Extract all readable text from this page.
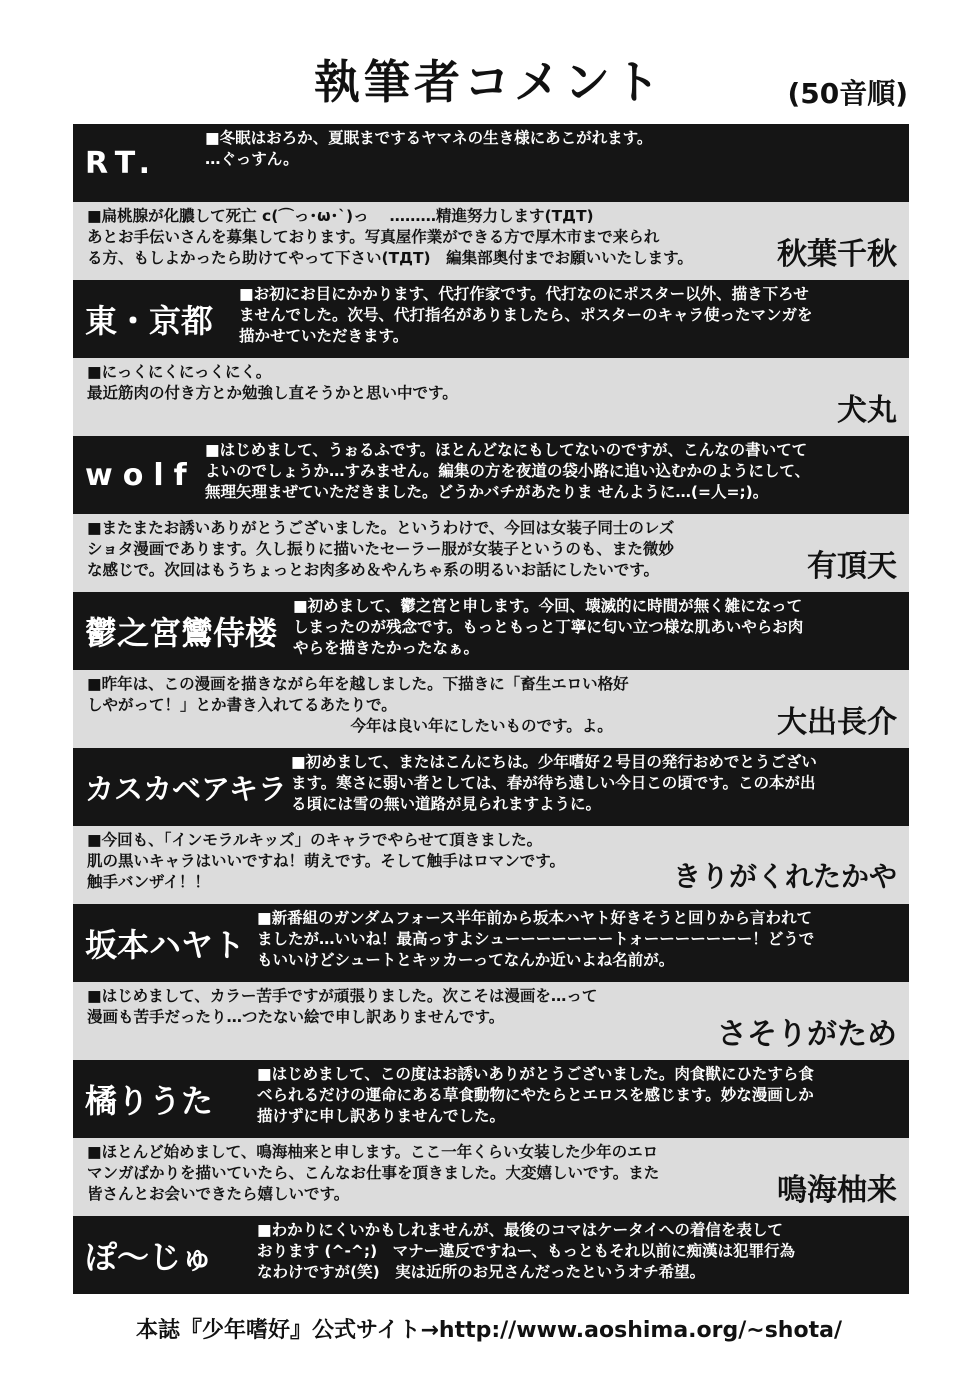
執筆者コメント	(50音順)
RT.
■冬眠はおろか、夏眠までするヤマネの生き様にあこがれます。
…ぐっすん。
秋葉千秋
■扁桃腺が化膿して死亡 c(⌒っ･ω･`)っ 　………精進努力します(TДT)
あとお手伝いさんを募集しております。写真屋作業ができる方で厚木市まで来られ
る方、もしよかったら助けてやって下さい(TДT)　編集部奥付までお願いいたします。
東・京都
■お初にお目にかかります、代打作家です。代打なのにポスター以外、描き下ろせ
ませんでした。次号、代打指名がありましたら、ポスターのキャラ使ったマンガを
描かせていただきます。
犬丸
■にっくにくにっくにく。
最近筋肉の付き方とか勉強し直そうかと思い中です。
wolf
■はじめまして、うぉるふです。ほとんどなにもしてないのですが、こんなの書いてて
よいのでしょうか…すみません。編集の方を夜道の袋小路に追い込むかのようにして、
無理矢理まぜていただきました。どうかバチがあたりま せんように…(=人=;)。
有頂天
■またまたお誘いありがとうございました。というわけで、今回は女装子同士のレズ
ショタ漫画であります。久し振りに描いたセーラー服が女装子というのも、また微妙
な感じで。次回はもうちょっとお肉多め＆やんちゃ系の明るいお話にしたいです。
鬱之宮鸞侍楼
■初めまして、鬱之宮と申します。今回、壊滅的に時間が無く雑になって
しまったのが残念です。もっともっと丁寧に匂い立つ様な肌あいやらお肉
やらを描きたかったなぁ。
大出長介
■昨年は、この漫画を描きながら年を越しました。下描きに「畜生エロい格好
しやがって！」とか書き入れてるあたりで。
　　　　　　　　　　　　　　　　　今年は良い年にしたいものです。よ。
カスカベアキラ
■初めまして、またはこんにちは。少年嗜好２号目の発行おめでとうござい
ます。寒さに弱い者としては、春が待ち遠しい今日この頃です。この本が出
る頃には雪の無い道路が見られますように。
きりがくれたかや
■今回も、「インモラルキッズ」のキャラでやらせて頂きました。
肌の黒いキャラはいいですね！萌えです。そして触手はロマンです。
触手バンザイ！！
坂本ハヤト
■新番組のガンダムフォース半年前から坂本ハヤト好きそうと回りから言われて
ましたが…いいね！最高っすよシューーーーーーートォーーーーーーー！どうで
もいいけどシュートとキッカーってなんか近いよね名前が。
さそりがため
■はじめまして、カラー苦手ですが頑張りました。次こそは漫画を…って
漫画も苦手だったり…つたない絵で申し訳ありませんです。
橘りうた
■はじめまして、この度はお誘いありがとうございました。肉食獣にひたすら食
べられるだけの運命にある草食動物にやたらとエロスを感じます。妙な漫画しか
描けずに申し訳ありませんでした。
鳴海柚来
■ほとんど始めまして、鳴海柚来と申します。ここ一年くらい女装した少年のエロ
マンガばかりを描いていたら、こんなお仕事を頂きました。大変嬉しいです。また
皆さんとお会いできたら嬉しいです。
ぽ～じゅ
■わかりにくいかもしれませんが、最後のコマはケータイへの着信を表して
おります (^-^;)　マナー違反ですねー、もっともそれ以前に痴漢は犯罪行為
なわけですが(笑)　実は近所のお兄さんだったというオチ希望。
本誌『少年嗜好』公式サイト→http://www.aoshima.org/~shota/
